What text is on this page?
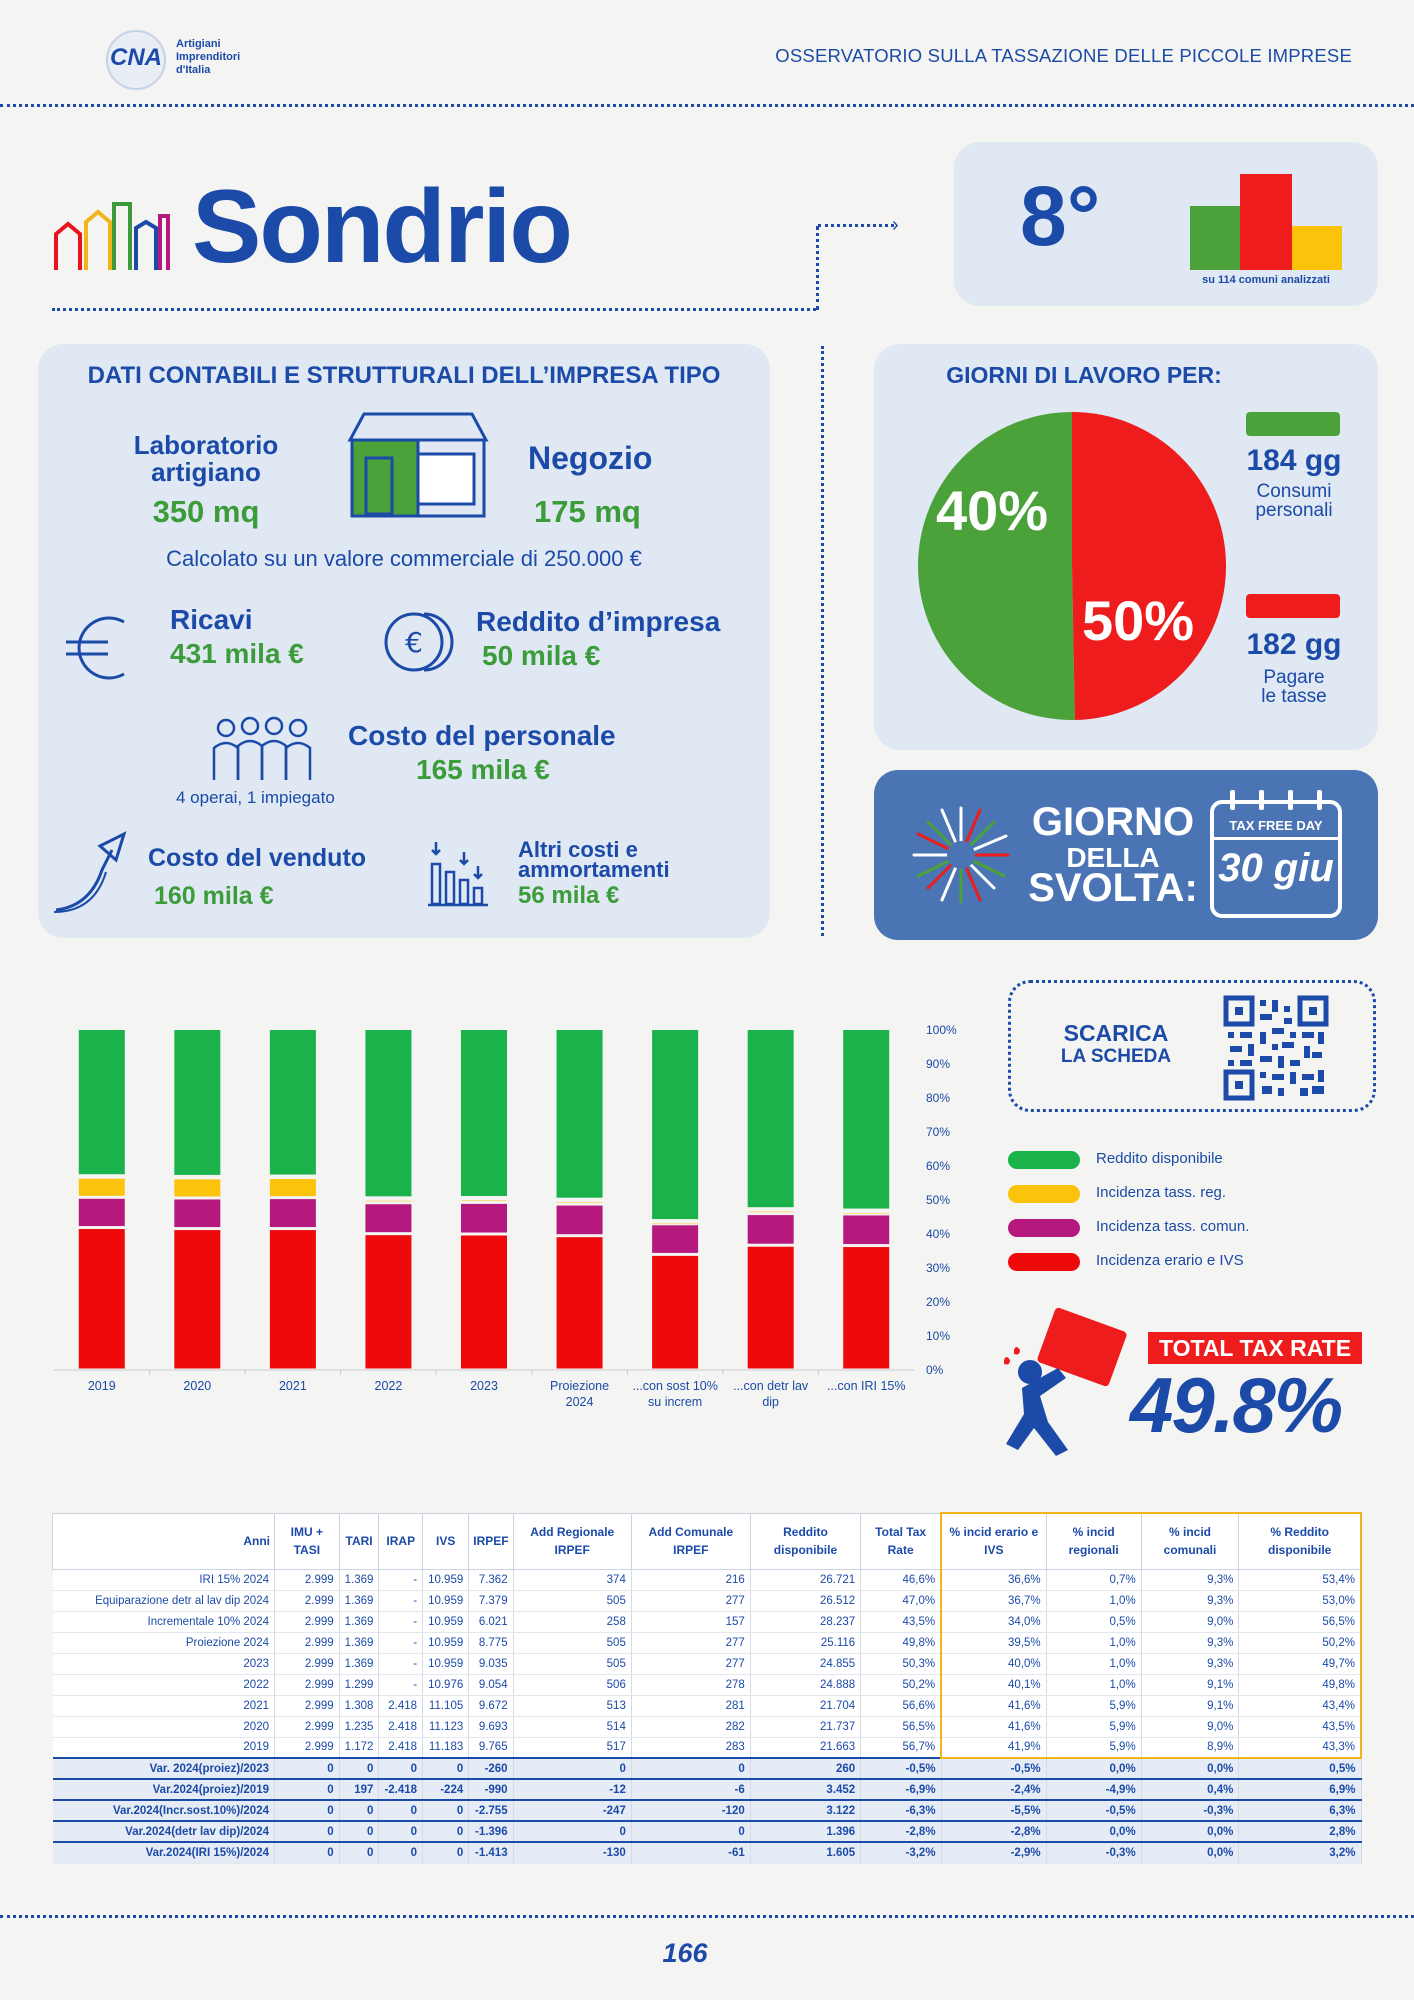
CNA Artigiani
Imprenditori
d'Italia
OSSERVATORIO SULLA TASSAZIONE DELLE PICCOLE IMPRESE
Sondrio	› 8°
su 114 comuni analizzati
DATI CONTABILI E STRUTTURALI DELL’IMPRESA TIPO
Laboratorio
artigiano
350 mq
Negozio
175 mq
Calcolato su un valore commerciale di 250.000 €
Ricavi
431 mila €	€
Reddito d’impresa
50 mila €
4 operai, 1 impiegato
Costo del personale
165 mila €
Costo del venduto
160 mila €
Altri costi e
ammortamenti
56 mila €
GIORNI DI LAVORO PER:
40%
50%
184 gg
Consumi
personali
182 gg
Pagare
le tasse
GIORNO
DELLA
SVOLTA:
TAX FREE DAY
30 giu
0%
10%
20%
30%
40%
50%
60%
70%
80%
90%
100%
2019	2020	2021	2022	2023	Proiezione
2024
...con sost 10%
su increm
...con detr lav
dip
...con IRI 15%
SCARICA
LA SCHEDA
Reddito disponibile
Incidenza tass. reg.
Incidenza tass. comun.
Incidenza erario e IVS
TOTAL TAX RATE
49.8%
Anni	IMU + TASI	TARI	IRAP	IVS	IRPEF	Add Regionale IRPEF	Add Comunale IRPEF	Reddito disponibile	Total Tax Rate	% incid erario e IVS	% incid regionali	% incid comunali	% Reddito disponibile
IRI 15% 2024	2.999	1.369	-	10.959	7.362	374	216	26.721	46,6%	36,6%	0,7%	9,3%	53,4%
Equiparazione detr al lav dip 2024	2.999	1.369	-	10.959	7.379	505	277	26.512	47,0%	36,7%	1,0%	9,3%	53,0%
Incrementale 10% 2024	2.999	1.369	-	10.959	6.021	258	157	28.237	43,5%	34,0%	0,5%	9,0%	56,5%
Proiezione 2024	2.999	1.369	-	10.959	8.775	505	277	25.116	49,8%	39,5%	1,0%	9,3%	50,2%
2023	2.999	1.369	-	10.959	9.035	505	277	24.855	50,3%	40,0%	1,0%	9,3%	49,7%
2022	2.999	1.299	-	10.976	9.054	506	278	24.888	50,2%	40,1%	1,0%	9,1%	49,8%
2021	2.999	1.308	2.418	11.105	9.672	513	281	21.704	56,6%	41,6%	5,9%	9,1%	43,4%
2020	2.999	1.235	2.418	11.123	9.693	514	282	21.737	56,5%	41,6%	5,9%	9,0%	43,5%
2019	2.999	1.172	2.418	11.183	9.765	517	283	21.663	56,7%	41,9%	5,9%	8,9%	43,3%
Var. 2024(proiez)/2023	0	0	0	0	-260	0	0	260	-0,5%	-0,5%	0,0%	0,0%	0,5%
Var.2024(proiez)/2019	0	197	-2.418	-224	-990	-12	-6	3.452	-6,9%	-2,4%	-4,9%	0,4%	6,9%
Var.2024(Incr.sost.10%)/2024	0	0	0	0	-2.755	-247	-120	3.122	-6,3%	-5,5%	-0,5%	-0,3%	6,3%
Var.2024(detr lav dip)/2024	0	0	0	0	-1.396	0	0	1.396	-2,8%	-2,8%	0,0%	0,0%	2,8%
Var.2024(IRI 15%)/2024	0	0	0	0	-1.413	-130	-61	1.605	-3,2%	-2,9%	-0,3%	0,0%	3,2%
166
